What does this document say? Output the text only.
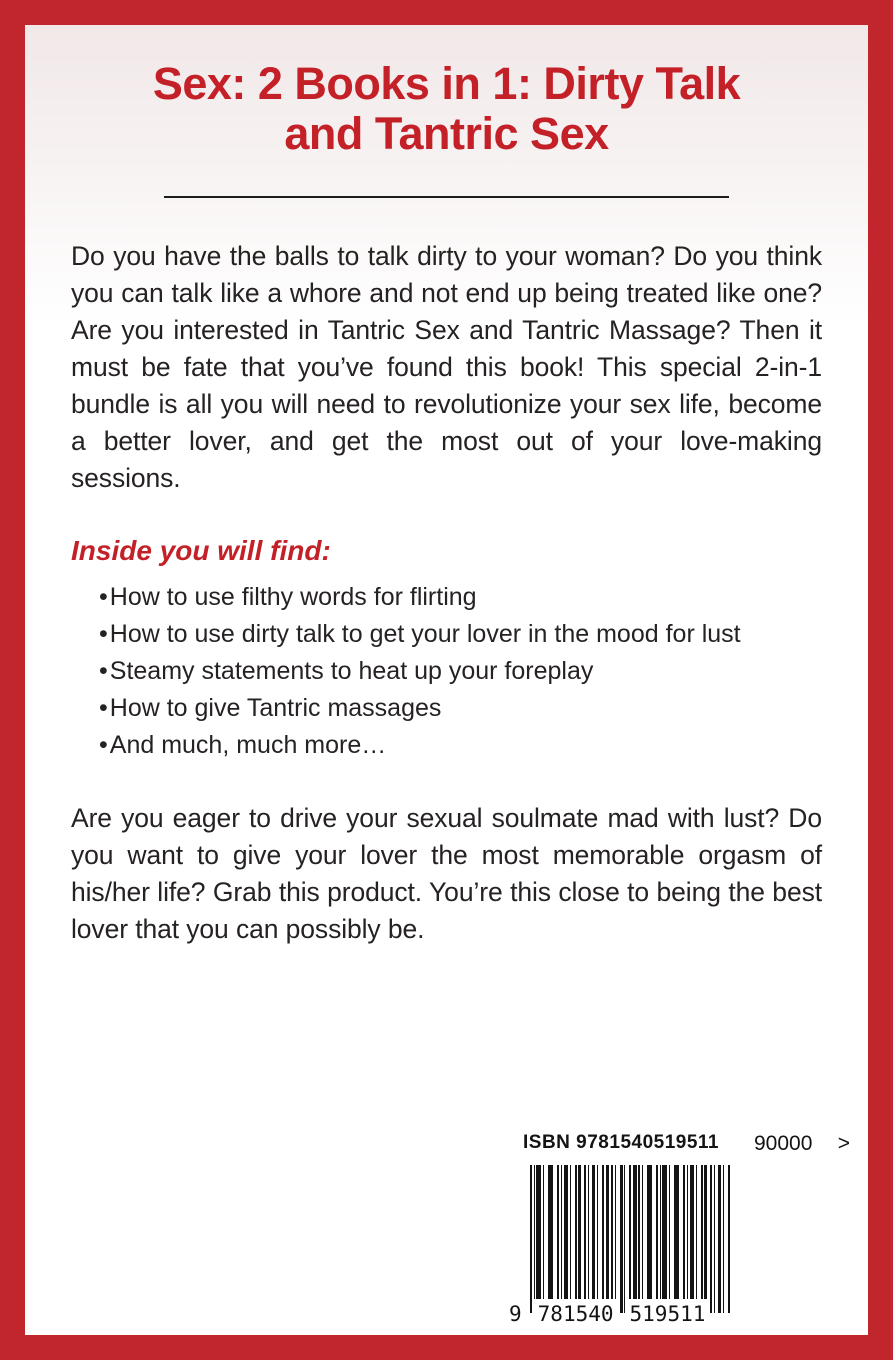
Sex: 2 Books in 1: Dirty Talk
and Tantric Sex

Do you have the balls to talk dirty to your woman? Do you think you can talk like a whore and not end up being treated like one? Are you interested in Tantric Sex and Tantric Massage? Then it must be fate that you’ve found this book! This special 2-in-1 bundle is all you will need to revolutionize your sex life, become a better lover, and get the most out of your love-making sessions.

Inside you will find:

•How to use filthy words for flirting
•How to use dirty talk to get your lover in the mood for lust
•Steamy statements to heat up your foreplay
•How to give Tantric massages
•And much, much more…

Are you eager to drive your sexual soulmate mad with lust? Do you want to give your lover the most memorable orgasm of his/her life? Grab this product. You’re this close to being the best lover that you can possibly be.

ISBN 9781540519511	90000 >
9 781540 519511
